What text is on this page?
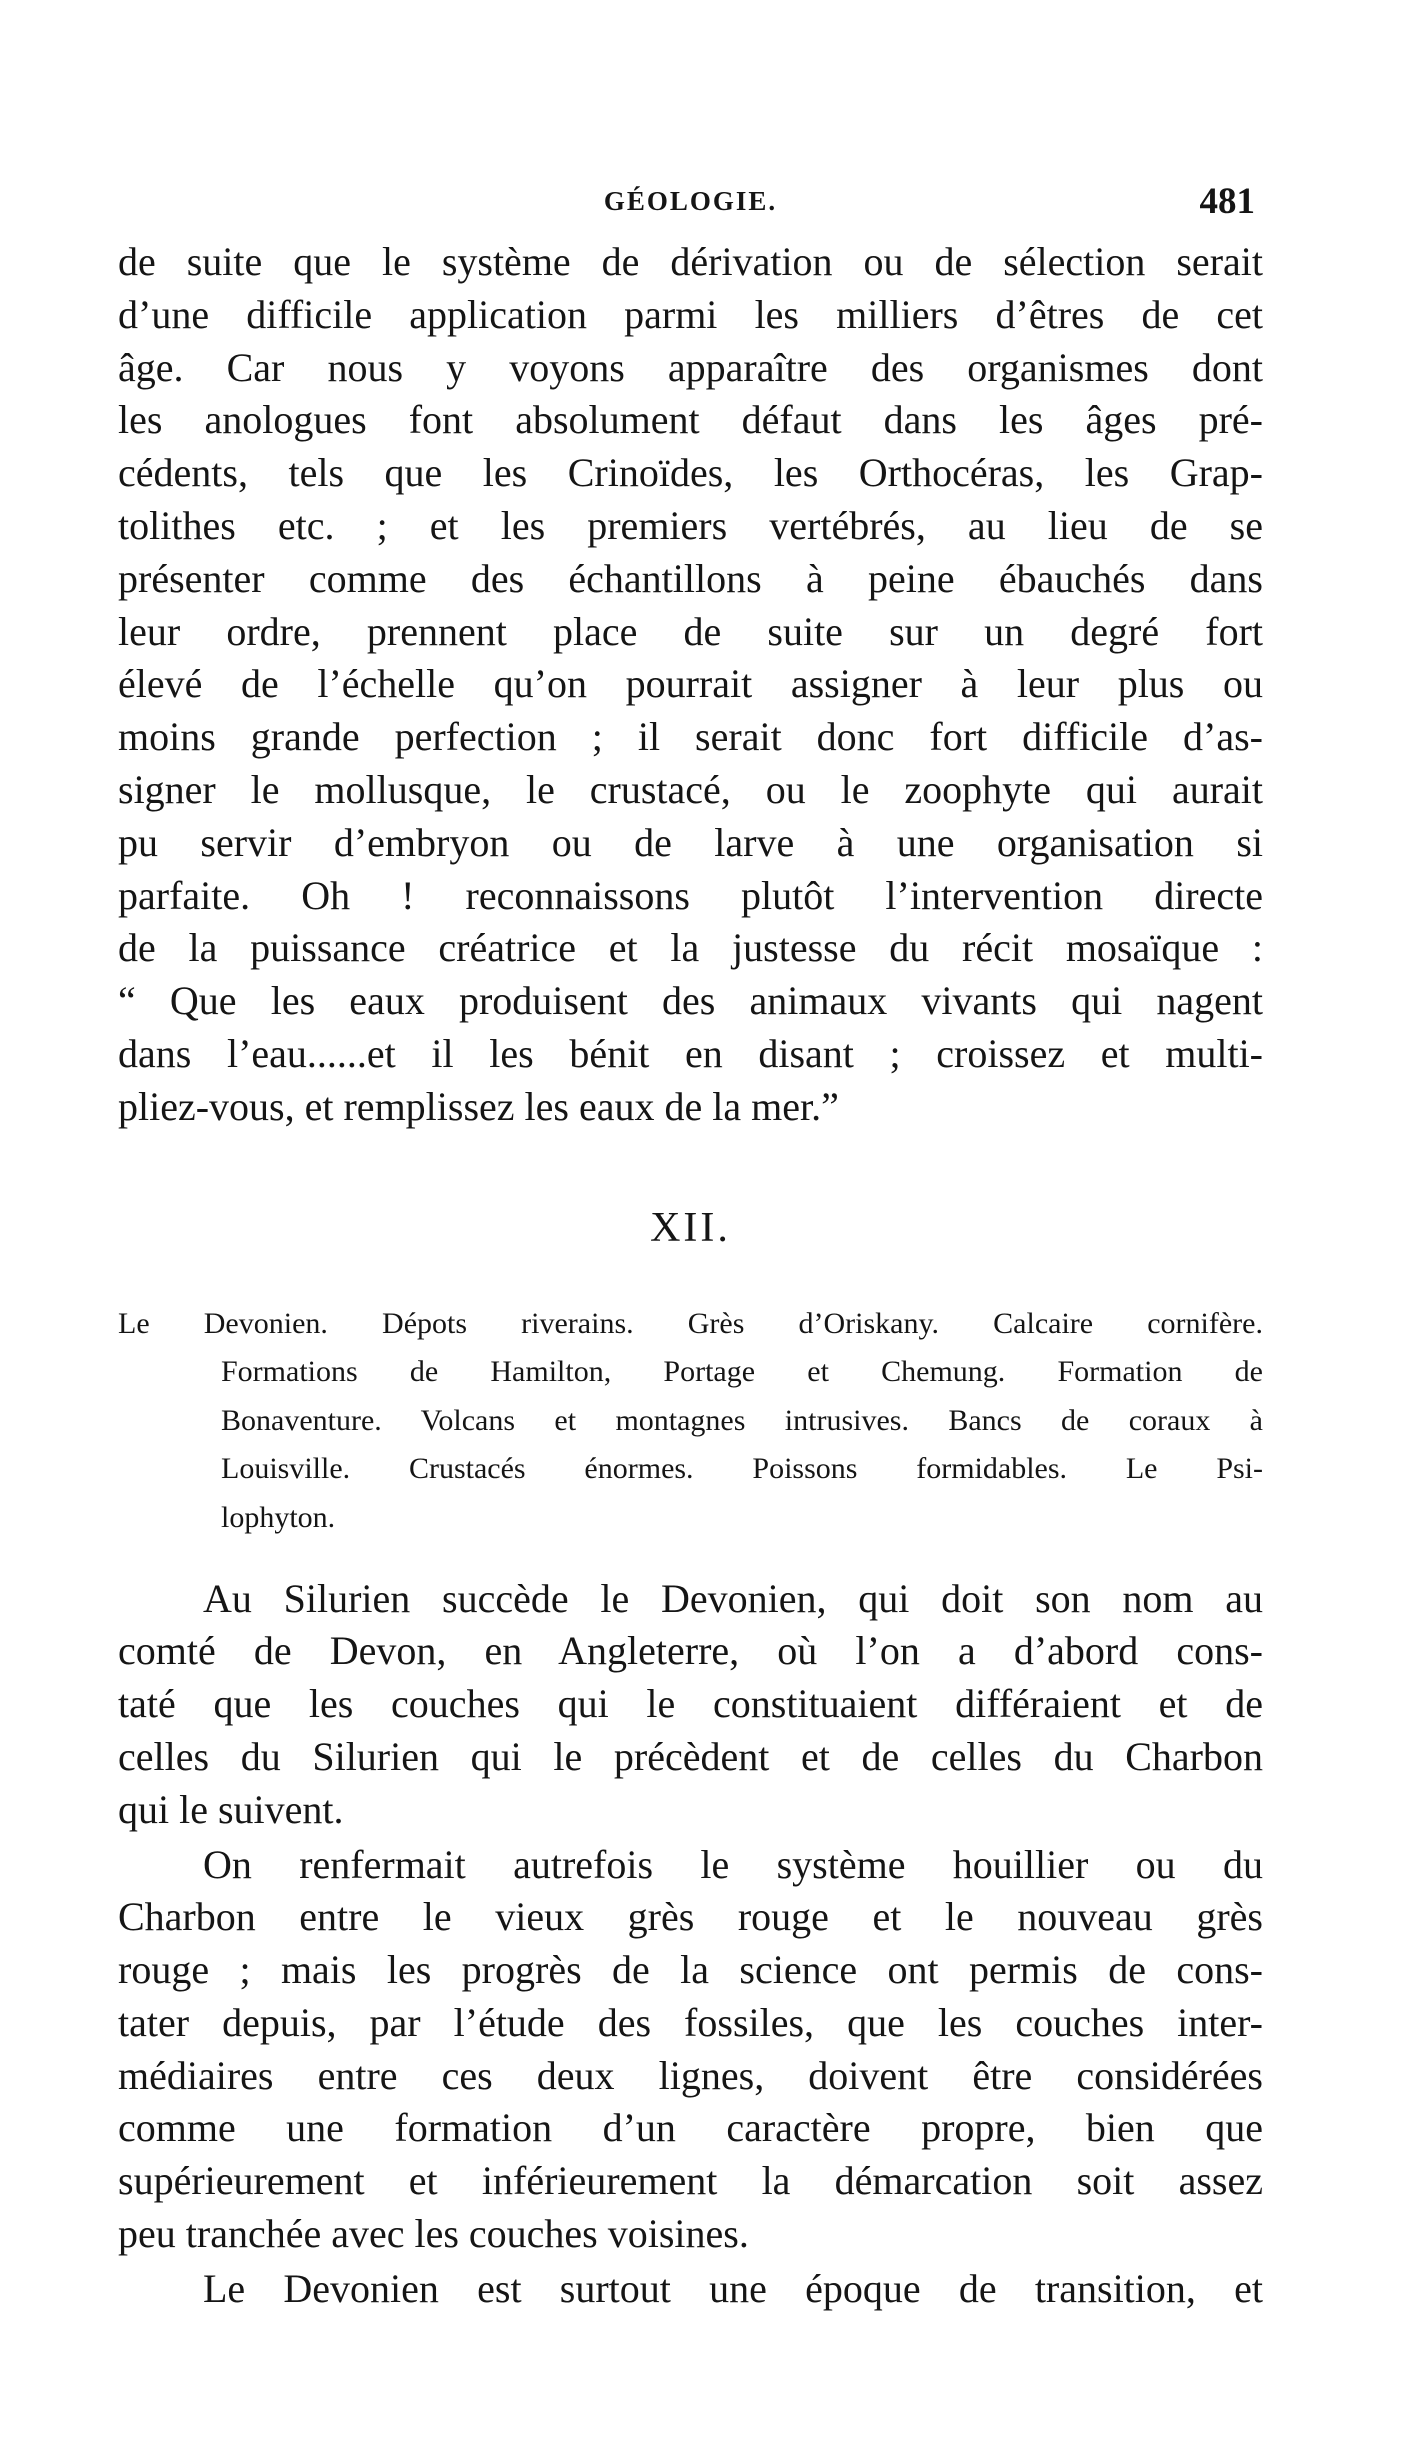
GÉOLOGIE.	481
de suite que le système de dérivation ou de sélection serait
d’une difficile application parmi les milliers d’êtres de cet
âge. Car nous y voyons apparaître des organismes dont
les anologues font absolument défaut dans les âges pré-
cédents, tels que les Crinoïdes, les Orthocéras, les Grap-
tolithes etc. ; et les premiers vertébrés, au lieu de se
présenter comme des échantillons à peine ébauchés dans
leur ordre, prennent place de suite sur un degré fort
élevé de l’échelle qu’on pourrait assigner à leur plus ou
moins grande perfection ; il serait donc fort difficile d’as-
signer le mollusque, le crustacé, ou le zoophyte qui aurait
pu servir d’embryon ou de larve à une organisation si
parfaite. Oh ! reconnaissons plutôt l’intervention directe
de la puissance créatrice et la justesse du récit mosaïque :
“ Que les eaux produisent des animaux vivants qui nagent
dans l’eau......et il les bénit en disant ; croissez et multi-
pliez-vous, et remplissez les eaux de la mer.”
XII.
Le Devonien. Dépots riverains. Grès d’Oriskany. Calcaire cornifère.
Formations de Hamilton, Portage et Chemung. Formation de
Bonaventure. Volcans et montagnes intrusives. Bancs de coraux à
Louisville. Crustacés énormes. Poissons formidables. Le Psi-
lophyton.
Au Silurien succède le Devonien, qui doit son nom au
comté de Devon, en Angleterre, où l’on a d’abord cons-
taté que les couches qui le constituaient différaient et de
celles du Silurien qui le précèdent et de celles du Charbon
qui le suivent.
On renfermait autrefois le système houillier ou du
Charbon entre le vieux grès rouge et le nouveau grès
rouge ; mais les progrès de la science ont permis de cons-
tater depuis, par l’étude des fossiles, que les couches inter-
médiaires entre ces deux lignes, doivent être considérées
comme une formation d’un caractère propre, bien que
supérieurement et inférieurement la démarcation soit assez
peu tranchée avec les couches voisines.
Le Devonien est surtout une époque de transition, et
